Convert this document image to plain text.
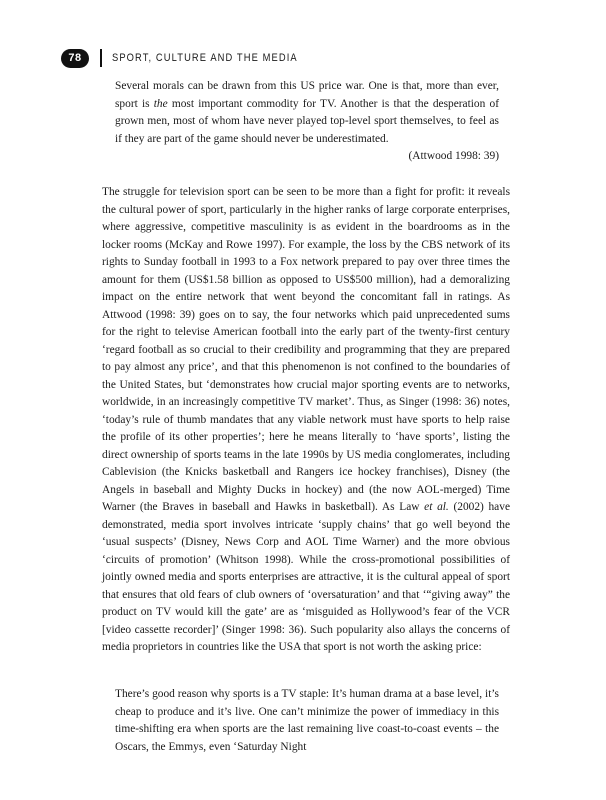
78	SPORT, CULTURE AND THE MEDIA

Several morals can be drawn from this US price war. One is that, more than ever, sport is the most important commodity for TV. Another is that the desperation of grown men, most of whom have never played top-level sport themselves, to feel as if they are part of the game should never be underestimated.

(Attwood 1998: 39)

The struggle for television sport can be seen to be more than a fight for profit: it reveals the cultural power of sport, particularly in the higher ranks of large corporate enterprises, where aggressive, competitive masculinity is as evident in the boardrooms as in the locker rooms (McKay and Rowe 1997). For example, the loss by the CBS network of its rights to Sunday football in 1993 to a Fox network prepared to pay over three times the amount for them (US$1.58 billion as opposed to US$500 million), had a demoralizing impact on the entire network that went beyond the concomitant fall in ratings. As Attwood (1998: 39) goes on to say, the four networks which paid unprecedented sums for the right to televise American football into the early part of the twenty-first century ‘regard football as so crucial to their credibility and programming that they are prepared to pay almost any price’, and that this phenomenon is not confined to the boundaries of the United States, but ‘demonstrates how crucial major sporting events are to networks, worldwide, in an increasingly competitive TV market’. Thus, as Singer (1998: 36) notes, ‘today’s rule of thumb mandates that any viable network must have sports to help raise the profile of its other properties’; here he means literally to ‘have sports’, listing the direct ownership of sports teams in the late 1990s by US media conglomerates, including Cablevision (the Knicks basketball and Rangers ice hockey franchises), Disney (the Angels in baseball and Mighty Ducks in hockey) and (the now AOL-merged) Time Warner (the Braves in baseball and Hawks in basketball). As Law et al. (2002) have demonstrated, media sport involves intricate ‘supply chains’ that go well beyond the ‘usual suspects’ (Disney, News Corp and AOL Time Warner) and the more obvious ‘circuits of promotion’ (Whitson 1998). While the cross-promotional possibilities of jointly owned media and sports enterprises are attractive, it is the cultural appeal of sport that ensures that old fears of club owners of ‘oversaturation’ and that ‘“giving away” the product on TV would kill the gate’ are as ‘misguided as Hollywood’s fear of the VCR [video cassette recorder]’ (Singer 1998: 36). Such popularity also allays the concerns of media proprietors in countries like the USA that sport is not worth the asking price:

There’s good reason why sports is a TV staple: It’s human drama at a base level, it’s cheap to produce and it’s live. One can’t minimize the power of immediacy in this time-shifting era when sports are the last remaining live coast-to-coast events – the Oscars, the Emmys, even ‘Saturday Night
